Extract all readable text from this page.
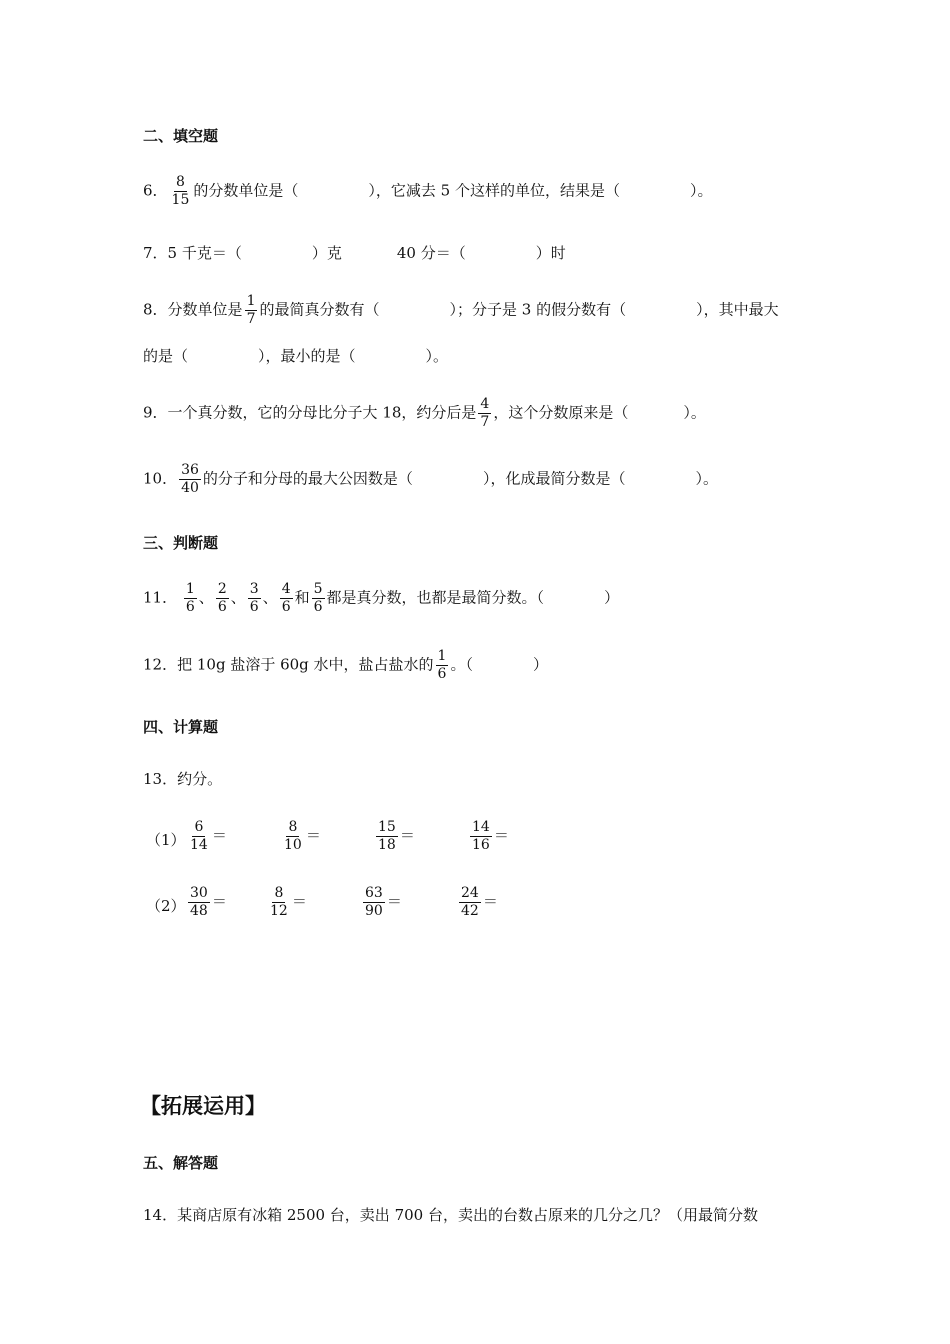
二、填空题
6． $\frac{8}{15}$ 的分数单位是（	），它减去 5 个这样的单位，结果是（	）。
7．5 千克＝（	）克	40 分＝（	）时
8．分数单位是 $\frac{1}{7}$ 的最简真分数有（	）；分子是 3 的假分数有（	），其中最大
的是（	），最小的是（	）。
9．一个真分数，它的分母比分子大 18，约分后是 $\frac{4}{7}$ ，这个分数原来是（	）。
10． $\frac{36}{40}$ 的分子和分母的最大公因数是（	），化成最简分数是（	）。
三、判断题
11． $\frac{1}{6}$ 、 $\frac{2}{6}$ 、 $\frac{3}{6}$ 、 $\frac{4}{6}$ 和 $\frac{5}{6}$ 都是真分数，也都是最简分数。（	）
12．把 10g 盐溶于 60g 水中，盐占盐水的 $\frac{1}{6}$ 。（	）
四、计算题
13．约分。
$(1) \frac{6}{14}$ ＝	$\frac{8}{10}$ ＝	$\frac{15}{18}$ ＝	$\frac{14}{16}$ ＝
$(2) \frac{30}{48}$ ＝	$\frac{8}{12}$ ＝	$\frac{63}{90}$ ＝	$\frac{24}{42}$ ＝
【拓展运用】
五、解答题
14．某商店原有冰箱 2500 台，卖出 700 台，卖出的台数占原来的几分之几？（用最简分数
